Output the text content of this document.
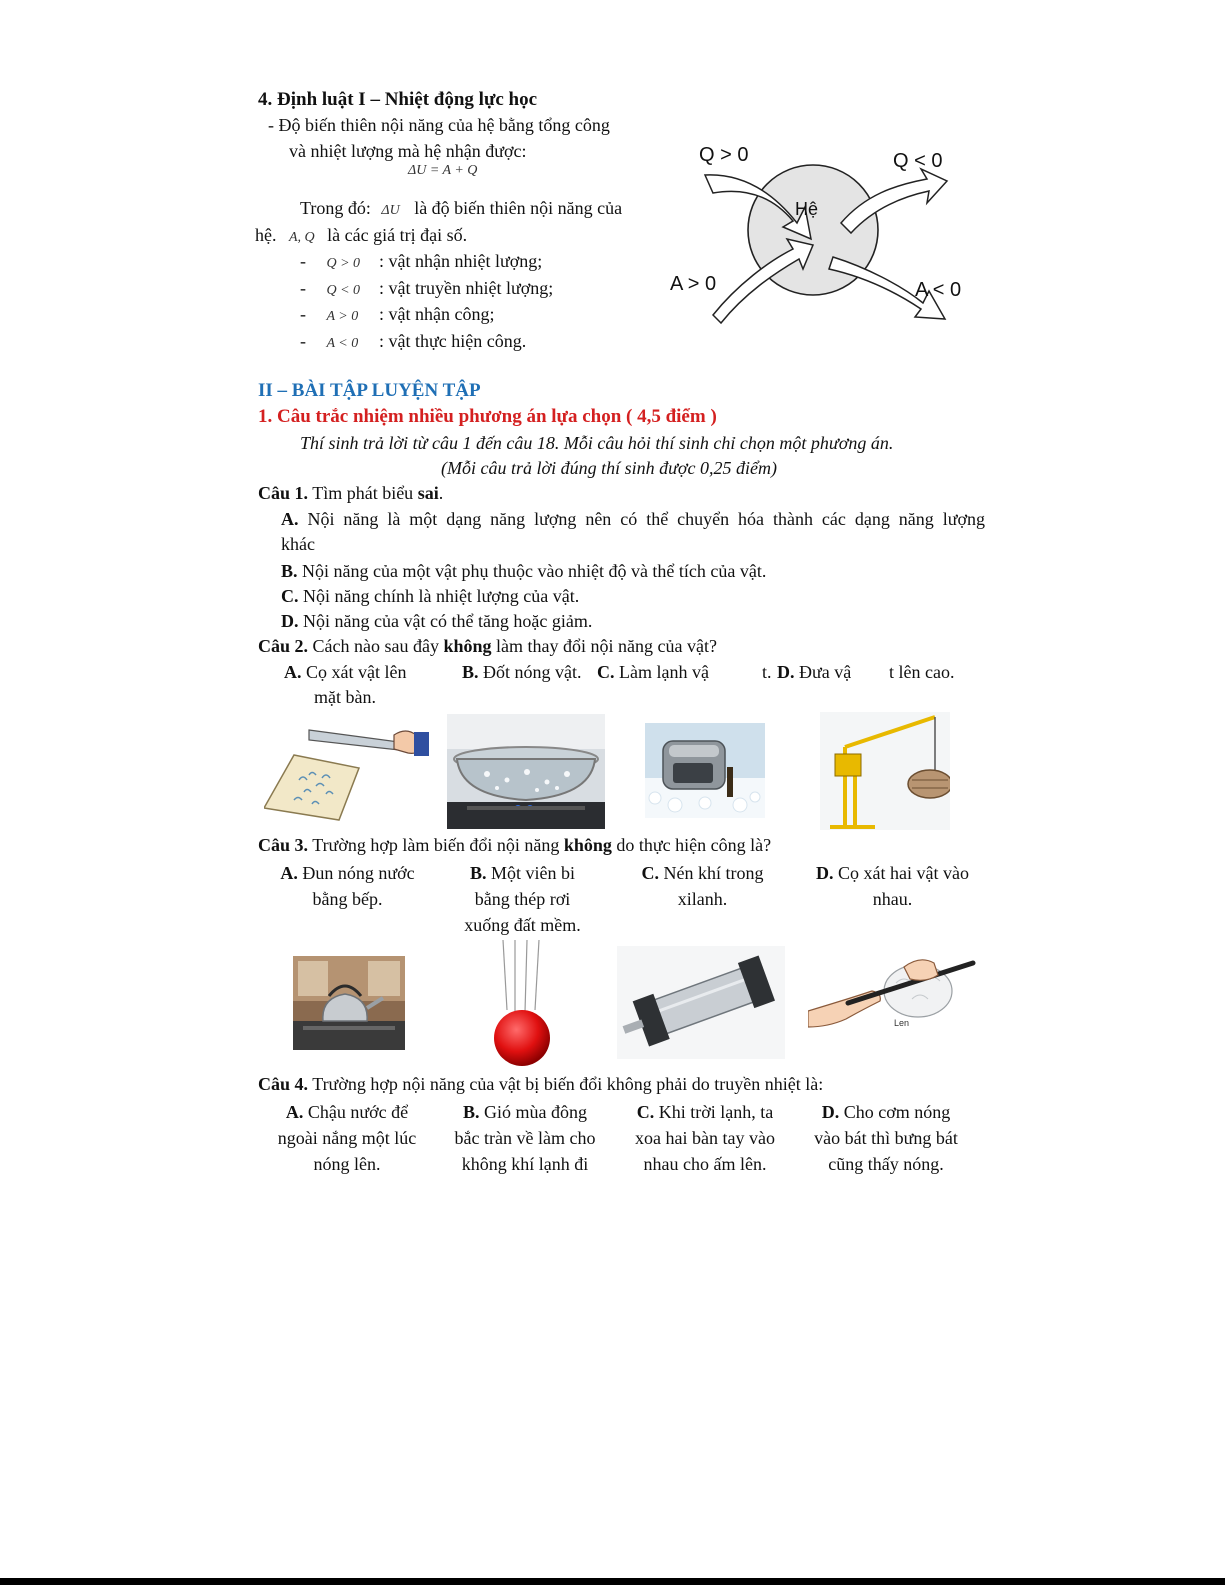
4. Định luật I – Nhiệt động lực học
- Độ biến thiên nội năng của hệ bằng tổng công
và nhiệt lượng mà hệ nhận được:
ΔU = A + Q
Trong đó: ΔU là độ biến thiên nội năng của
hệ. A, Q là các giá trị đại số.
- Q > 0 : vật nhận nhiệt lượng;
- Q < 0 : vật truyền nhiệt lượng;
- A > 0 : vật nhận công;
- A < 0 : vật thực hiện công.
Hệ
Q > 0	Q < 0
A > 0	A < 0
II – BÀI TẬP LUYỆN TẬP
1. Câu trắc nhiệm nhiều phương án lựa chọn ( 4,5 điểm )
Thí sinh trả lời từ câu 1 đến câu 18. Mỗi câu hỏi thí sinh chỉ chọn một phương án.
(Mỗi câu trả lời đúng thí sinh được 0,25 điểm)
Câu 1. Tìm phát biểu sai.
A. Nội năng là một dạng năng lượng nên có thể chuyển hóa thành các dạng năng lượng
khác
B. Nội năng của một vật phụ thuộc vào nhiệt độ và thể tích của vật.
C. Nội năng chính là nhiệt lượng của vật.
D. Nội năng của vật có thể tăng hoặc giảm.
Câu 2. Cách nào sau đây không làm thay đổi nội năng của vật?
A. Cọ xát vật lên
mặt bàn.
B. Đốt nóng vật. C. Làm lạnh vậ	t. D. Đưa vậ t lên cao.
Câu 3. Trường hợp làm biến đổi nội năng không do thực hiện công là?
A. Đun nóng nước
bằng bếp.
B. Một viên bi
bằng thép rơi
xuống đất mềm.
C. Nén khí trong
xilanh.
D. Cọ xát hai vật vào
nhau.
Len
Câu 4. Trường hợp nội năng của vật bị biến đổi không phải do truyền nhiệt là:
A. Chậu nước để
ngoài nắng một lúc
nóng lên.
B. Gió mùa đông
bắc tràn về làm cho
không khí lạnh đi
C. Khi trời lạnh, ta
xoa hai bàn tay vào
nhau cho ấm lên.
D. Cho cơm nóng
vào bát thì bưng bát
cũng thấy nóng.
